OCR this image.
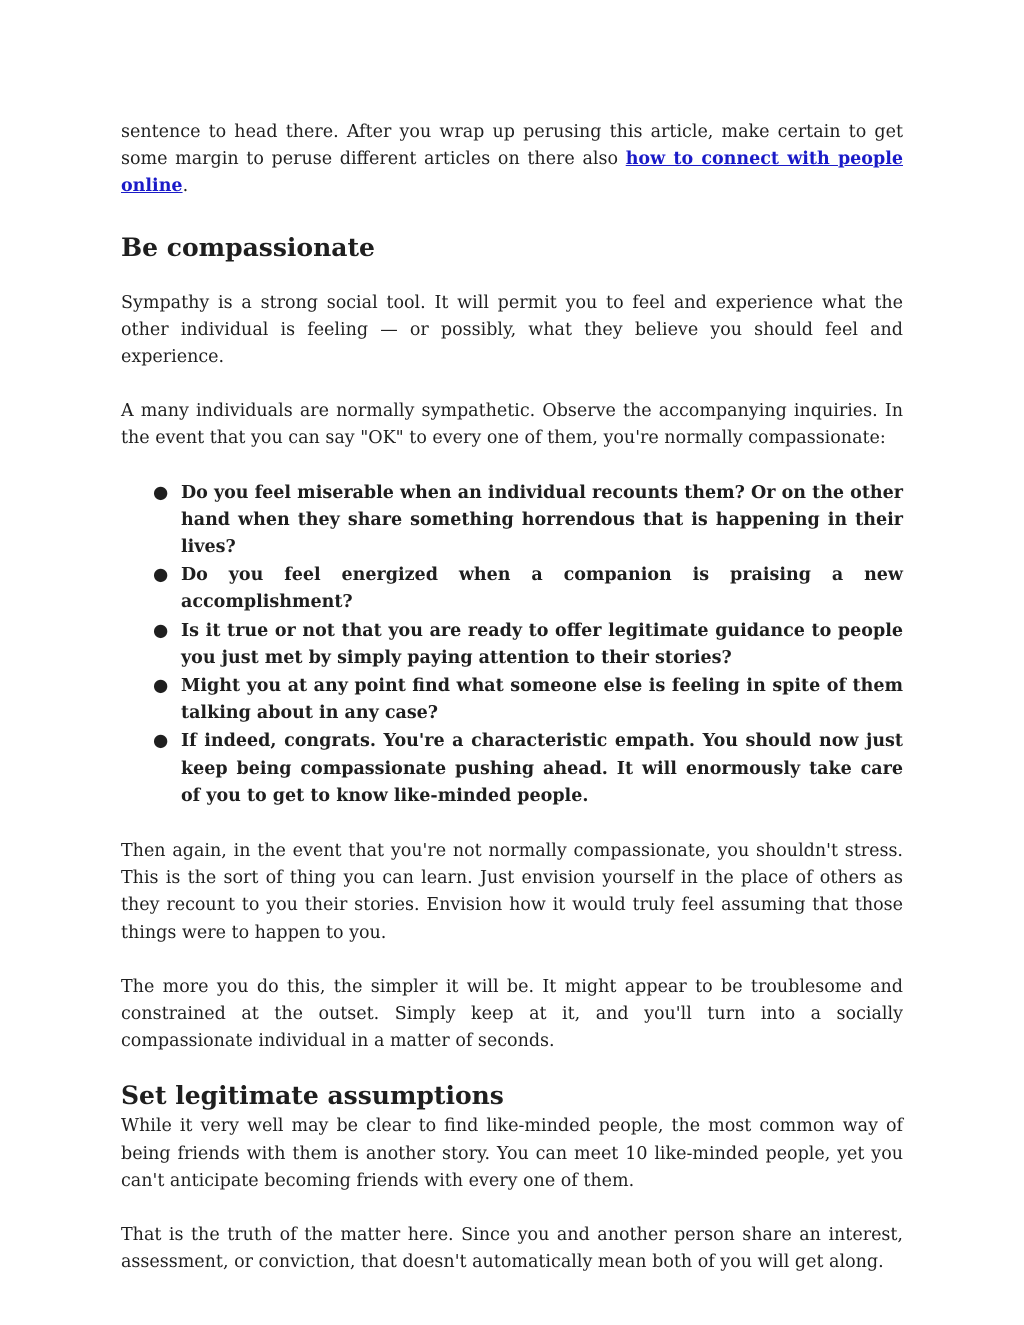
sentence to head there. After you wrap up perusing this article, make certain to get some margin to peruse different articles on there also how to connect with people online.

Be compassionate

Sympathy is a strong social tool. It will permit you to feel and experience what the other individual is feeling — or possibly, what they believe you should feel and experience.

A many individuals are normally sympathetic. Observe the accompanying inquiries. In the event that you can say "OK" to every one of them, you're normally compassionate:

● Do you feel miserable when an individual recounts them? Or on the other hand when they share something horrendous that is happening in their lives?
● Do you feel energized when a companion is praising a new accomplishment?
● Is it true or not that you are ready to offer legitimate guidance to people you just met by simply paying attention to their stories?
● Might you at any point find what someone else is feeling in spite of them talking about in any case?
● If indeed, congrats. You're a characteristic empath. You should now just keep being compassionate pushing ahead. It will enormously take care of you to get to know like-minded people.

Then again, in the event that you're not normally compassionate, you shouldn't stress. This is the sort of thing you can learn. Just envision yourself in the place of others as they recount to you their stories. Envision how it would truly feel assuming that those things were to happen to you.

The more you do this, the simpler it will be. It might appear to be troublesome and constrained at the outset. Simply keep at it, and you'll turn into a socially compassionate individual in a matter of seconds.

Set legitimate assumptions

While it very well may be clear to find like-minded people, the most common way of being friends with them is another story. You can meet 10 like-minded people, yet you can't anticipate becoming friends with every one of them.

That is the truth of the matter here. Since you and another person share an interest, assessment, or conviction, that doesn't automatically mean both of you will get along.
